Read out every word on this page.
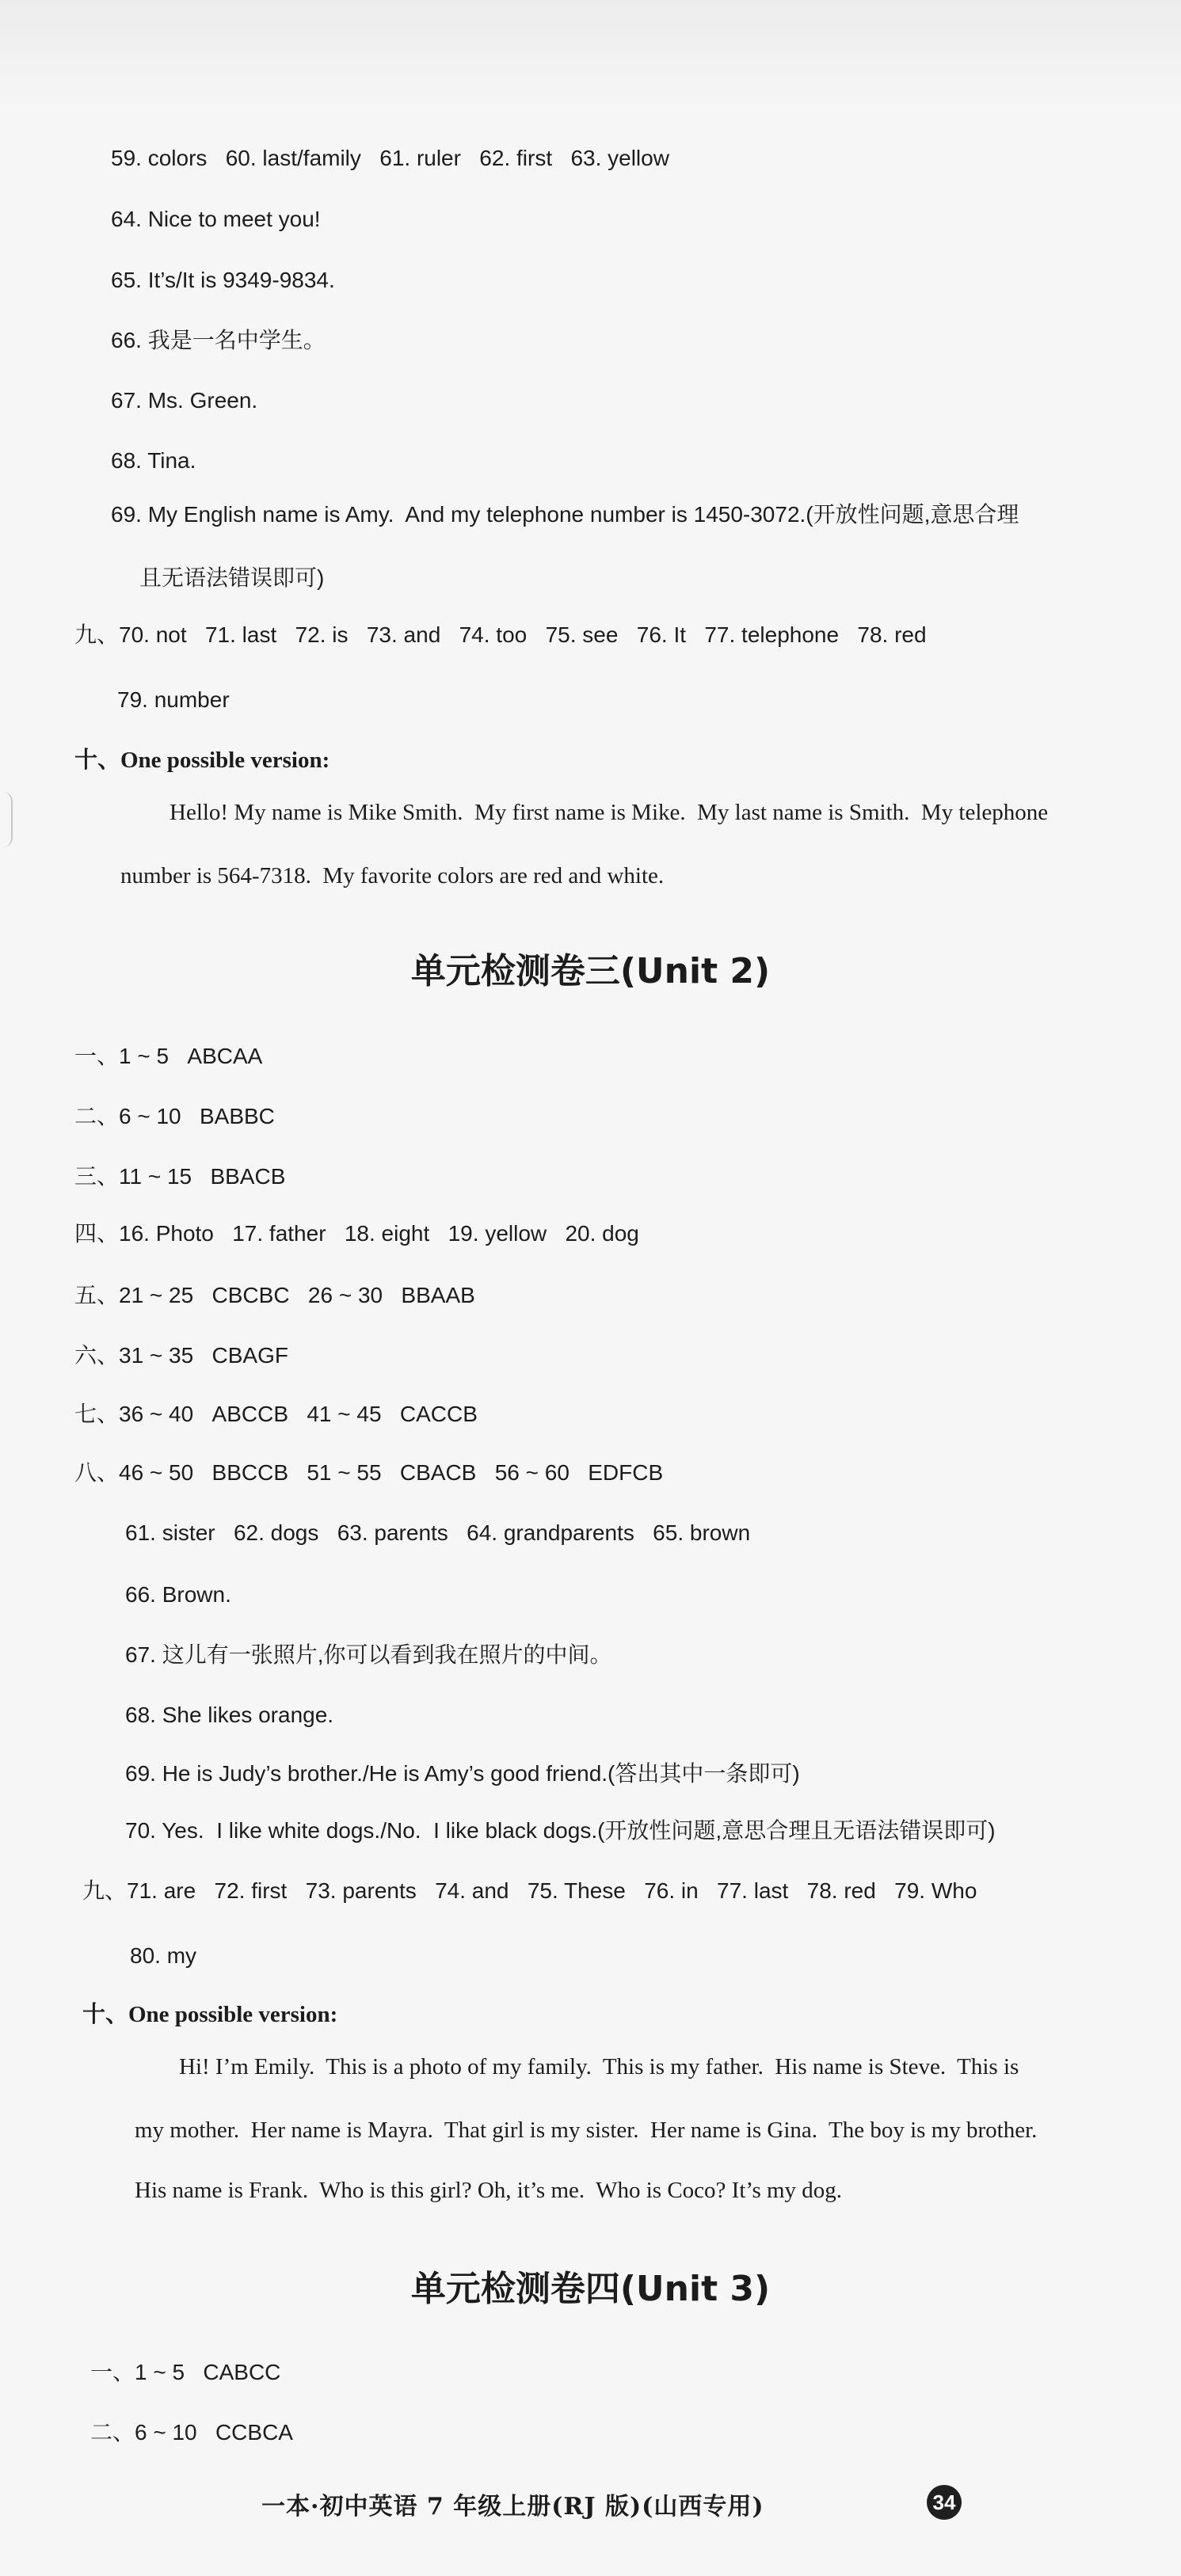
59. colors   60. last/family   61. ruler   62. first   63. yellow
64. Nice to meet you!
65. It’s/It is 9349-9834.
66. 我是一名中学生。
67. Ms. Green.
68. Tina.
69. My English name is Amy.  And my telephone number is 1450-3072.(开放性问题,意思合理
且无语法错误即可)
九、70. not   71. last   72. is   73. and   74. too   75. see   76. It   77. telephone   78. red
79. number
十、One possible version:
Hello! My name is Mike Smith.  My first name is Mike.  My last name is Smith.  My telephone
number is 564-7318.  My favorite colors are red and white.
单元检测卷三(Unit 2)
一、1 ~ 5   ABCAA
二、6 ~ 10   BABBC
三、11 ~ 15   BBACB
四、16. Photo   17. father   18. eight   19. yellow   20. dog
五、21 ~ 25   CBCBC   26 ~ 30   BBAAB
六、31 ~ 35   CBAGF
七、36 ~ 40   ABCCB   41 ~ 45   CACCB
八、46 ~ 50   BBCCB   51 ~ 55   CBACB   56 ~ 60   EDFCB
61. sister   62. dogs   63. parents   64. grandparents   65. brown
66. Brown.
67. 这儿有一张照片,你可以看到我在照片的中间。
68. She likes orange.
69. He is Judy’s brother./He is Amy’s good friend.(答出其中一条即可)
70. Yes.  I like white dogs./No.  I like black dogs.(开放性问题,意思合理且无语法错误即可)
九、71. are   72. first   73. parents   74. and   75. These   76. in   77. last   78. red   79. Who
80. my
十、One possible version:
Hi! I’m Emily.  This is a photo of my family.  This is my father.  His name is Steve.  This is
my mother.  Her name is Mayra.  That girl is my sister.  Her name is Gina.  The boy is my brother.
His name is Frank.  Who is this girl? Oh, it’s me.  Who is Coco? It’s my dog.
单元检测卷四(Unit 3)
一、1 ~ 5   CABCC
二、6 ~ 10   CCBCA
一本·初中英语 7 年级上册(RJ 版)(山西专用)	34
